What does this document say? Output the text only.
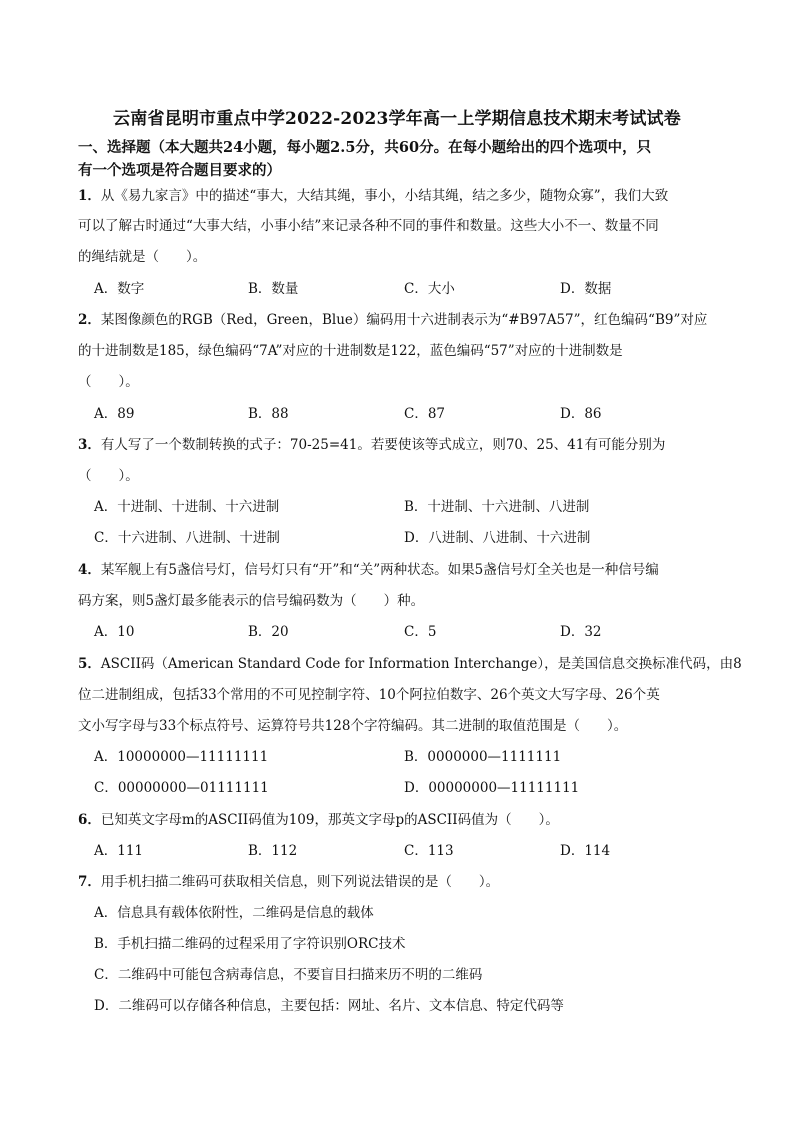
云南省昆明市重点中学2022-2023学年高一上学期信息技术期末考试试卷
一、选择题（本大题共24小题，每小题2.5分，共60分。在每小题给出的四个选项中，只
有一个选项是符合题目要求的）
1．从《易九家言》中的描述“事大，大结其绳，事小，小结其绳，结之多少，随物众寡”，我们大致
可以了解古时通过“大事大结，小事小结”来记录各种不同的事件和数量。这些大小不一、数量不同
的绳结就是（　　）。
A．数字	B．数量	C．大小	D．数据
2．某图像颜色的RGB（Red，Green，Blue）编码用十六进制表示为“#B97A57”，红色编码“B9”对应
的十进制数是185，绿色编码“7A”对应的十进制数是122，蓝色编码“57”对应的十进制数是
（　　）。
A．89	B．88	C．87	D．86
3．有人写了一个数制转换的式子：70-25=41。若要使该等式成立，则70、25、41有可能分别为
（　　）。
A．十进制、十进制、十六进制	B．十进制、十六进制、八进制
C．十六进制、八进制、十进制	D．八进制、八进制、十六进制
4．某军舰上有5盏信号灯，信号灯只有“开”和“关”两种状态。如果5盏信号灯全关也是一种信号编
码方案，则5盏灯最多能表示的信号编码数为（　　）种。
A．10	B．20	C．5	D．32
5．ASCII码（American Standard Code for Information Interchange），是美国信息交换标准代码，由8
位二进制组成，包括33个常用的不可见控制字符、10个阿拉伯数字、26个英文大写字母、26个英
文小写字母与33个标点符号、运算符号共128个字符编码。其二进制的取值范围是（　　）。
A．10000000—11111111	B．0000000—1111111
C．00000000—01111111	D．00000000—11111111
6．已知英文字母m的ASCII码值为109，那英文字母p的ASCII码值为（　　）。
A．111	B．112	C．113	D．114
7．用手机扫描二维码可获取相关信息，则下列说法错误的是（　　）。
A．信息具有载体依附性，二维码是信息的载体
B．手机扫描二维码的过程采用了字符识别ORC技术
C．二维码中可能包含病毒信息，不要盲目扫描来历不明的二维码
D．二维码可以存储各种信息，主要包括：网址、名片、文本信息、特定代码等
